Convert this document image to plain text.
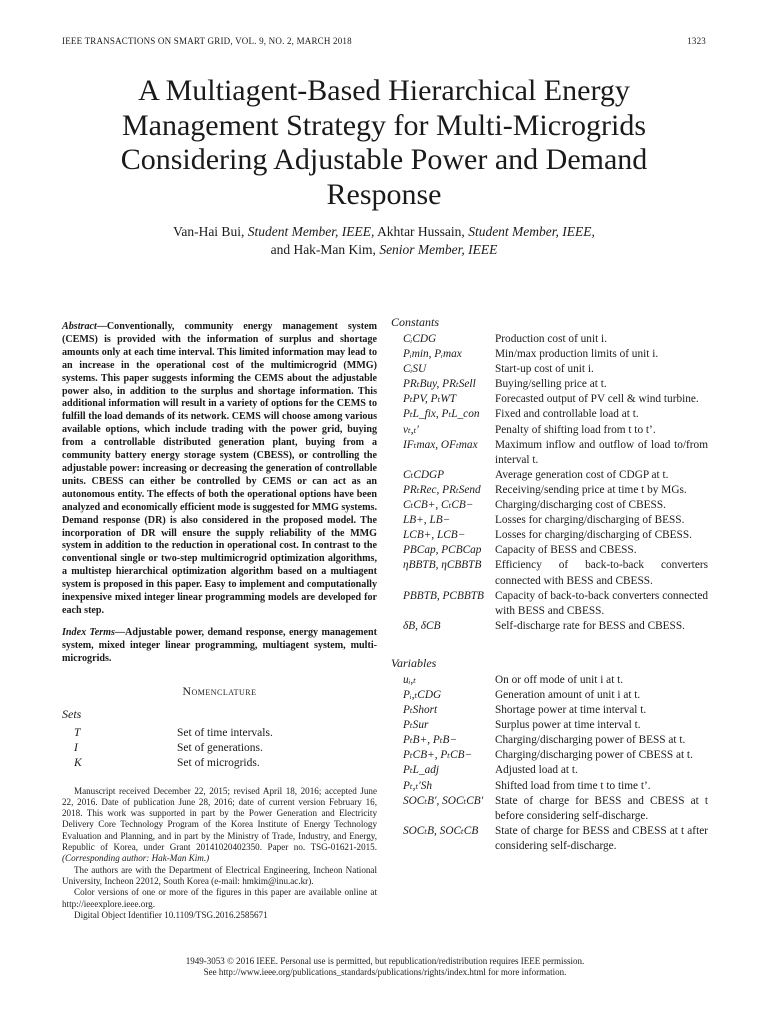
IEEE TRANSACTIONS ON SMART GRID, VOL. 9, NO. 2, MARCH 2018	1323
A Multiagent-Based Hierarchical Energy Management Strategy for Multi-Microgrids Considering Adjustable Power and Demand Response
Van-Hai Bui, Student Member, IEEE, Akhtar Hussain, Student Member, IEEE,
and Hak-Man Kim, Senior Member, IEEE

Abstract—Conventionally, community energy management system (CEMS) is provided with the information of surplus and shortage amounts only at each time interval. This limited information may lead to an increase in the operational cost of the multimicrogrid (MMG) systems. This paper suggests informing the CEMS about the adjustable power also, in addition to the surplus and shortage information. This additional information will result in a variety of options for the CEMS to fulfill the load demands of its network. CEMS will choose among various available options, which include trading with the power grid, buying from a controllable distributed generation plant, buying from a community battery energy storage system (CBESS), or controlling the adjustable power: increasing or decreasing the generation of controllable units. CBESS can either be controlled by CEMS or can act as an autonomous entity. The effects of both the operational options have been analyzed and economically efficient mode is suggested for MMG systems. Demand response (DR) is also considered in the proposed model. The incorporation of DR will ensure the supply reliability of the MMG system in addition to the reduction in operational cost. In contrast to the conventional single or two-step multimicrogrid optimization algorithms, a multistep hierarchical optimization algorithm based on a multiagent system is proposed in this paper. Easy to implement and computationally inexpensive mixed integer linear programming models are developed for each step.

Index Terms—Adjustable power, demand response, energy management system, mixed integer linear programming, multiagent system, multi-microgrids.

Nomenclature
Sets
T	Set of time intervals.
I	Set of generations.
K	Set of microgrids.

Manuscript received December 22, 2015; revised April 18, 2016; accepted June 22, 2016. Date of publication June 28, 2016; date of current version February 16, 2018. This work was supported in part by the Power Generation and Electricity Delivery Core Technology Program of the Korea Institute of Energy Technology Evaluation and Planning, and in part by the Ministry of Trade, Industry, and Energy, Republic of Korea, under Grant 20141020402350. Paper no. TSG-01621-2015. (Corresponding author: Hak-Man Kim.)

The authors are with the Department of Electrical Engineering, Incheon National University, Incheon 22012, South Korea (e-mail: hmkim@inu.ac.kr).

Color versions of one or more of the figures in this paper are available online at http://ieeexplore.ieee.org.

Digital Object Identifier 10.1109/TSG.2016.2585671

Constants
CᵢCDG	Production cost of unit i.
Pᵢmin, Pᵢmax	Min/max production limits of unit i.
CᵢSU	Start-up cost of unit i.
PRₜBuy, PRₜSell	Buying/selling price at t.
PₜPV, PₜWT	Forecasted output of PV cell & wind turbine.
PₜL_fix, PₜL_con	Fixed and controllable load at t.
vₜ,ₜ′	Penalty of shifting load from t to t’.
IFₜmax, OFₜmax	Maximum inflow and outflow of load to/from interval t.
CₜCDGP	Average generation cost of CDGP at t.
PRₜRec, PRₜSend	Receiving/sending price at time t by MGs.
CₜCB+, CₜCB−	Charging/discharging cost of CBESS.
LB+, LB−	Losses for charging/discharging of BESS.
LCB+, LCB−	Losses for charging/discharging of CBESS.
PBCap, PCBCap	Capacity of BESS and CBESS.
ηBBTB, ηCBBTB	Efficiency of back-to-back converters connected with BESS and CBESS.
PBBTB, PCBBTB Capacity of back-to-back converters connected with BESS and CBESS.
δB, δCB	Self-discharge rate for BESS and CBESS.
Variables
uᵢ,ₜ	On or off mode of unit i at t.
Pᵢ,ₜCDG	Generation amount of unit i at t.
PₜShort	Shortage power at time interval t.
PₜSur	Surplus power at time interval t.
PₜB+, PₜB−	Charging/discharging power of BESS at t.
PₜCB+, PₜCB−	Charging/discharging power of CBESS at t.
PₜL_adj	Adjusted load at t.
Pₜ,ₜ′Sh	Shifted load from time t to time t’.
SOCₜB′, SOCₜCB′	State of charge for BESS and CBESS at t before considering self-discharge.
SOCₜB, SOCₜCB	State of charge for BESS and CBESS at t after considering self-discharge.
1949-3053 © 2016 IEEE. Personal use is permitted, but republication/redistribution requires IEEE permission.
See http://www.ieee.org/publications_standards/publications/rights/index.html for more information.
